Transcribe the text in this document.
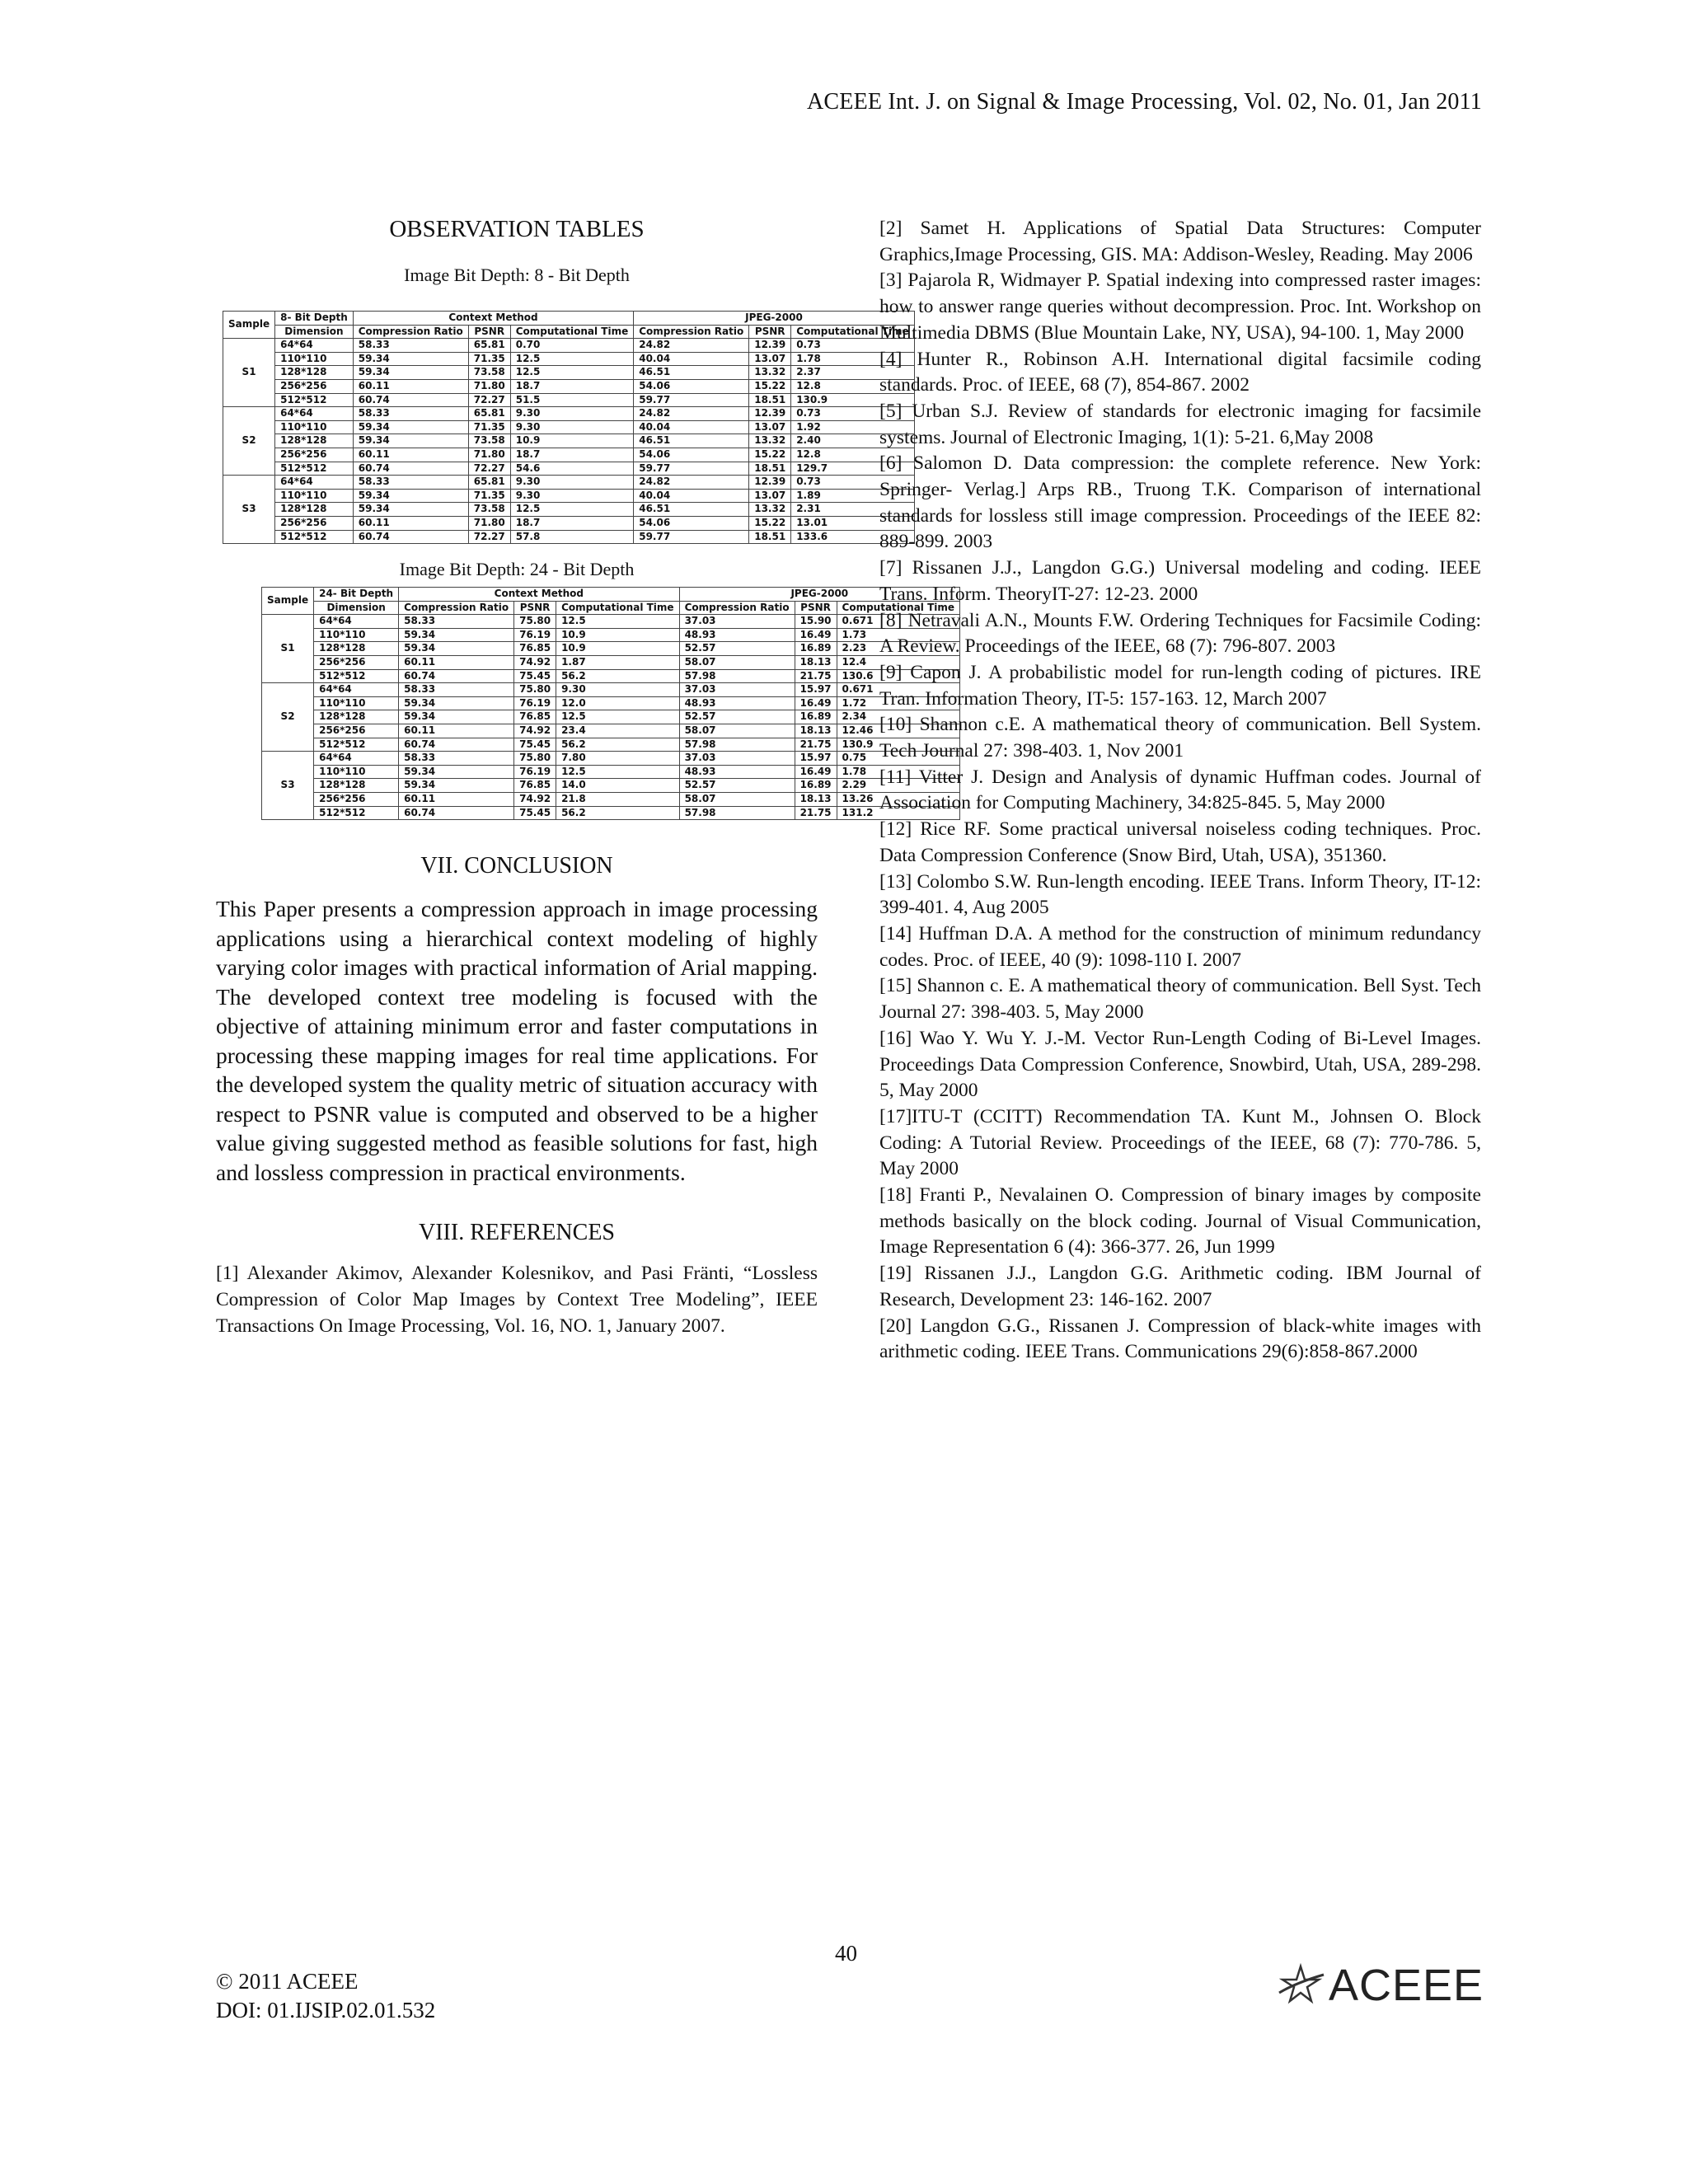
ACEEE Int. J. on Signal & Image Processing, Vol. 02, No. 01, Jan 2011
OBSERVATION TABLES
Image Bit Depth: 8 - Bit Depth
Sample	8- Bit Depth	Context Method			JPEG-2000		
	Dimension	Compression Ratio	PSNR	Computational Time	Compression Ratio	PSNR	Computational Time
S1	64*64	58.33	65.81	0.70	24.82	12.39	0.73
	110*110	59.34	71.35	12.5	40.04	13.07	1.78
	128*128	59.34	73.58	12.5	46.51	13.32	2.37
	256*256	60.11	71.80	18.7	54.06	15.22	12.8
	512*512	60.74	72.27	51.5	59.77	18.51	130.9
S2	64*64	58.33	65.81	9.30	24.82	12.39	0.73
	110*110	59.34	71.35	9.30	40.04	13.07	1.92
	128*128	59.34	73.58	10.9	46.51	13.32	2.40
	256*256	60.11	71.80	18.7	54.06	15.22	12.8
	512*512	60.74	72.27	54.6	59.77	18.51	129.7
S3	64*64	58.33	65.81	9.30	24.82	12.39	0.73
	110*110	59.34	71.35	9.30	40.04	13.07	1.89
	128*128	59.34	73.58	12.5	46.51	13.32	2.31
	256*256	60.11	71.80	18.7	54.06	15.22	13.01
	512*512	60.74	72.27	57.8	59.77	18.51	133.6
Image Bit Depth: 24 - Bit Depth
Sample	24- Bit Depth	Context Method			JPEG-2000		
	Dimension	Compression Ratio	PSNR	Computational Time	Compression Ratio	PSNR	Computational Time
S1	64*64	58.33	75.80	12.5	37.03	15.90	0.671
	110*110	59.34	76.19	10.9	48.93	16.49	1.73
	128*128	59.34	76.85	10.9	52.57	16.89	2.23
	256*256	60.11	74.92	1.87	58.07	18.13	12.4
	512*512	60.74	75.45	56.2	57.98	21.75	130.6
S2	64*64	58.33	75.80	9.30	37.03	15.97	0.671
	110*110	59.34	76.19	12.0	48.93	16.49	1.72
	128*128	59.34	76.85	12.5	52.57	16.89	2.34
	256*256	60.11	74.92	23.4	58.07	18.13	12.46
	512*512	60.74	75.45	56.2	57.98	21.75	130.9
S3	64*64	58.33	75.80	7.80	37.03	15.97	0.75
	110*110	59.34	76.19	12.5	48.93	16.49	1.78
	128*128	59.34	76.85	14.0	52.57	16.89	2.29
	256*256	60.11	74.92	21.8	58.07	18.13	13.26
	512*512	60.74	75.45	56.2	57.98	21.75	131.2
VII. CONCLUSION

This Paper presents a compression approach in image processing applications using a hierarchical context modeling of highly varying color images with practical information of Arial mapping. The developed context tree modeling is focused with the objective of attaining minimum error and faster computations in processing these mapping images for real time applications. For the developed system the quality metric of situation accuracy with respect to PSNR value is computed and observed to be a higher value giving suggested method as feasible solutions for fast, high and lossless compression in practical environments.

VIII. REFERENCES

[1] Alexander Akimov, Alexander Kolesnikov, and Pasi Fränti, “Lossless Compression of Color Map Images by Context Tree Modeling”, IEEE Transactions On Image Processing, Vol. 16, NO. 1, January 2007.

[2] Samet H. Applications of Spatial Data Structures: Computer Graphics,Image Processing, GIS. MA: Addison-Wesley, Reading. May 2006

[3] Pajarola R, Widmayer P. Spatial indexing into compressed raster images: how to answer range queries without decompression. Proc. Int. Workshop on Multimedia DBMS (Blue Mountain Lake, NY, USA), 94-100. 1, May 2000

[4] Hunter R., Robinson A.H. International digital facsimile coding standards. Proc. of IEEE, 68 (7), 854-867. 2002

[5] Urban S.J. Review of standards for electronic imaging for facsimile systems. Journal of Electronic Imaging, 1(1): 5-21. 6,May 2008

[6] Salomon D. Data compression: the complete reference. New York: Springer- Verlag.] Arps RB., Truong T.K. Comparison of international standards for lossless still image compression. Proceedings of the IEEE 82: 889-899. 2003

[7] Rissanen J.J., Langdon G.G.) Universal modeling and coding. IEEE Trans. Inform. TheoryIT-27: 12-23. 2000

[8] Netravali A.N., Mounts F.W. Ordering Techniques for Facsimile Coding: A Review. Proceedings of the IEEE, 68 (7): 796-807. 2003

[9] Capon J. A probabilistic model for run-length coding of pictures. IRE Tran. Information Theory, IT-5: 157-163. 12, March 2007

[10] Shannon c.E. A mathematical theory of communication. Bell System. Tech Journal 27: 398-403. 1, Nov 2001

[11] Vitter J. Design and Analysis of dynamic Huffman codes. Journal of Association for Computing Machinery, 34:825-845. 5, May 2000

[12] Rice RF. Some practical universal noiseless coding techniques. Proc. Data Compression Conference (Snow Bird, Utah, USA), 351360.

[13] Colombo S.W. Run-length encoding. IEEE Trans. Inform Theory, IT-12: 399-401. 4, Aug 2005

[14] Huffman D.A. A method for the construction of minimum redundancy codes. Proc. of IEEE, 40 (9): 1098-110 I. 2007

[15] Shannon c. E. A mathematical theory of communication. Bell Syst. Tech Journal 27: 398-403. 5, May 2000

[16] Wao Y. Wu Y. J.-M. Vector Run-Length Coding of Bi-Level Images. Proceedings Data Compression Conference, Snowbird, Utah, USA, 289-298. 5, May 2000

[17]ITU-T (CCITT) Recommendation TA. Kunt M., Johnsen O. Block Coding: A Tutorial Review. Proceedings of the IEEE, 68 (7): 770-786. 5, May 2000

[18] Franti P., Nevalainen O. Compression of binary images by composite methods basically on the block coding. Journal of Visual Communication, Image Representation 6 (4): 366-377. 26, Jun 1999

[19] Rissanen J.J., Langdon G.G. Arithmetic coding. IBM Journal of Research, Development 23: 146-162. 2007

[20] Langdon G.G., Rissanen J. Compression of black-white images with arithmetic coding. IEEE Trans. Communications 29(6):858-867.2000

40
© 2011 ACEEE
DOI: 01.IJSIP.02.01.532	ACEEE
